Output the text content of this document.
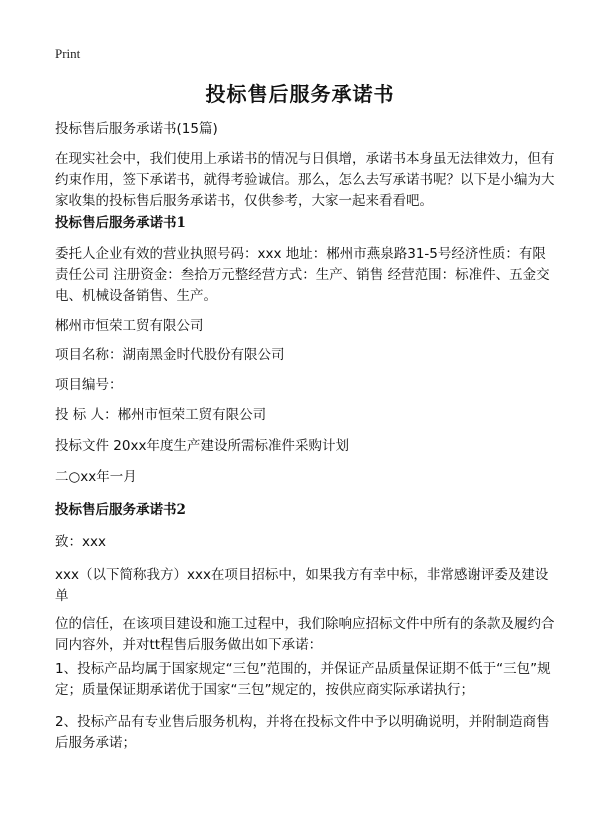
Print
投标售后服务承诺书
投标售后服务承诺书(15篇)
在现实社会中，我们使用上承诺书的情况与日俱增，承诺书本身虽无法律效力，但有约束作用，签下承诺书，就得考验诚信。那么，怎么去写承诺书呢？以下是小编为大家收集的投标售后服务承诺书，仅供参考，大家一起来看看吧。
投标售后服务承诺书1
委托人企业有效的营业执照号码：xxx 地址：郴州市燕泉路31-5号经济性质：有限责任公司 注册资金：叁拾万元整经营方式：生产、销售 经营范围：标准件、五金交电、机械设备销售、生产。
郴州市恒荣工贸有限公司
项目名称：湖南黑金时代股份有限公司
项目编号：
投 标 人：郴州市恒荣工贸有限公司
投标文件 20xx年度生产建设所需标准件采购计划
二○xx年一月
投标售后服务承诺书2
致：xxx
xxx（以下简称我方）xxx在项目招标中，如果我方有幸中标，非常感谢评委及建设单
位的信任，在该项目建设和施工过程中，我们除响应招标文件中所有的条款及履约合同内容外，并对tt程售后服务做出如下承诺：
1、投标产品均属于国家规定“三包”范围的，并保证产品质量保证期不低于“三包”规定；质量保证期承诺优于国家“三包”规定的，按供应商实际承诺执行；
2、投标产品有专业售后服务机构，并将在投标文件中予以明确说明，并附制造商售后服务承诺；
